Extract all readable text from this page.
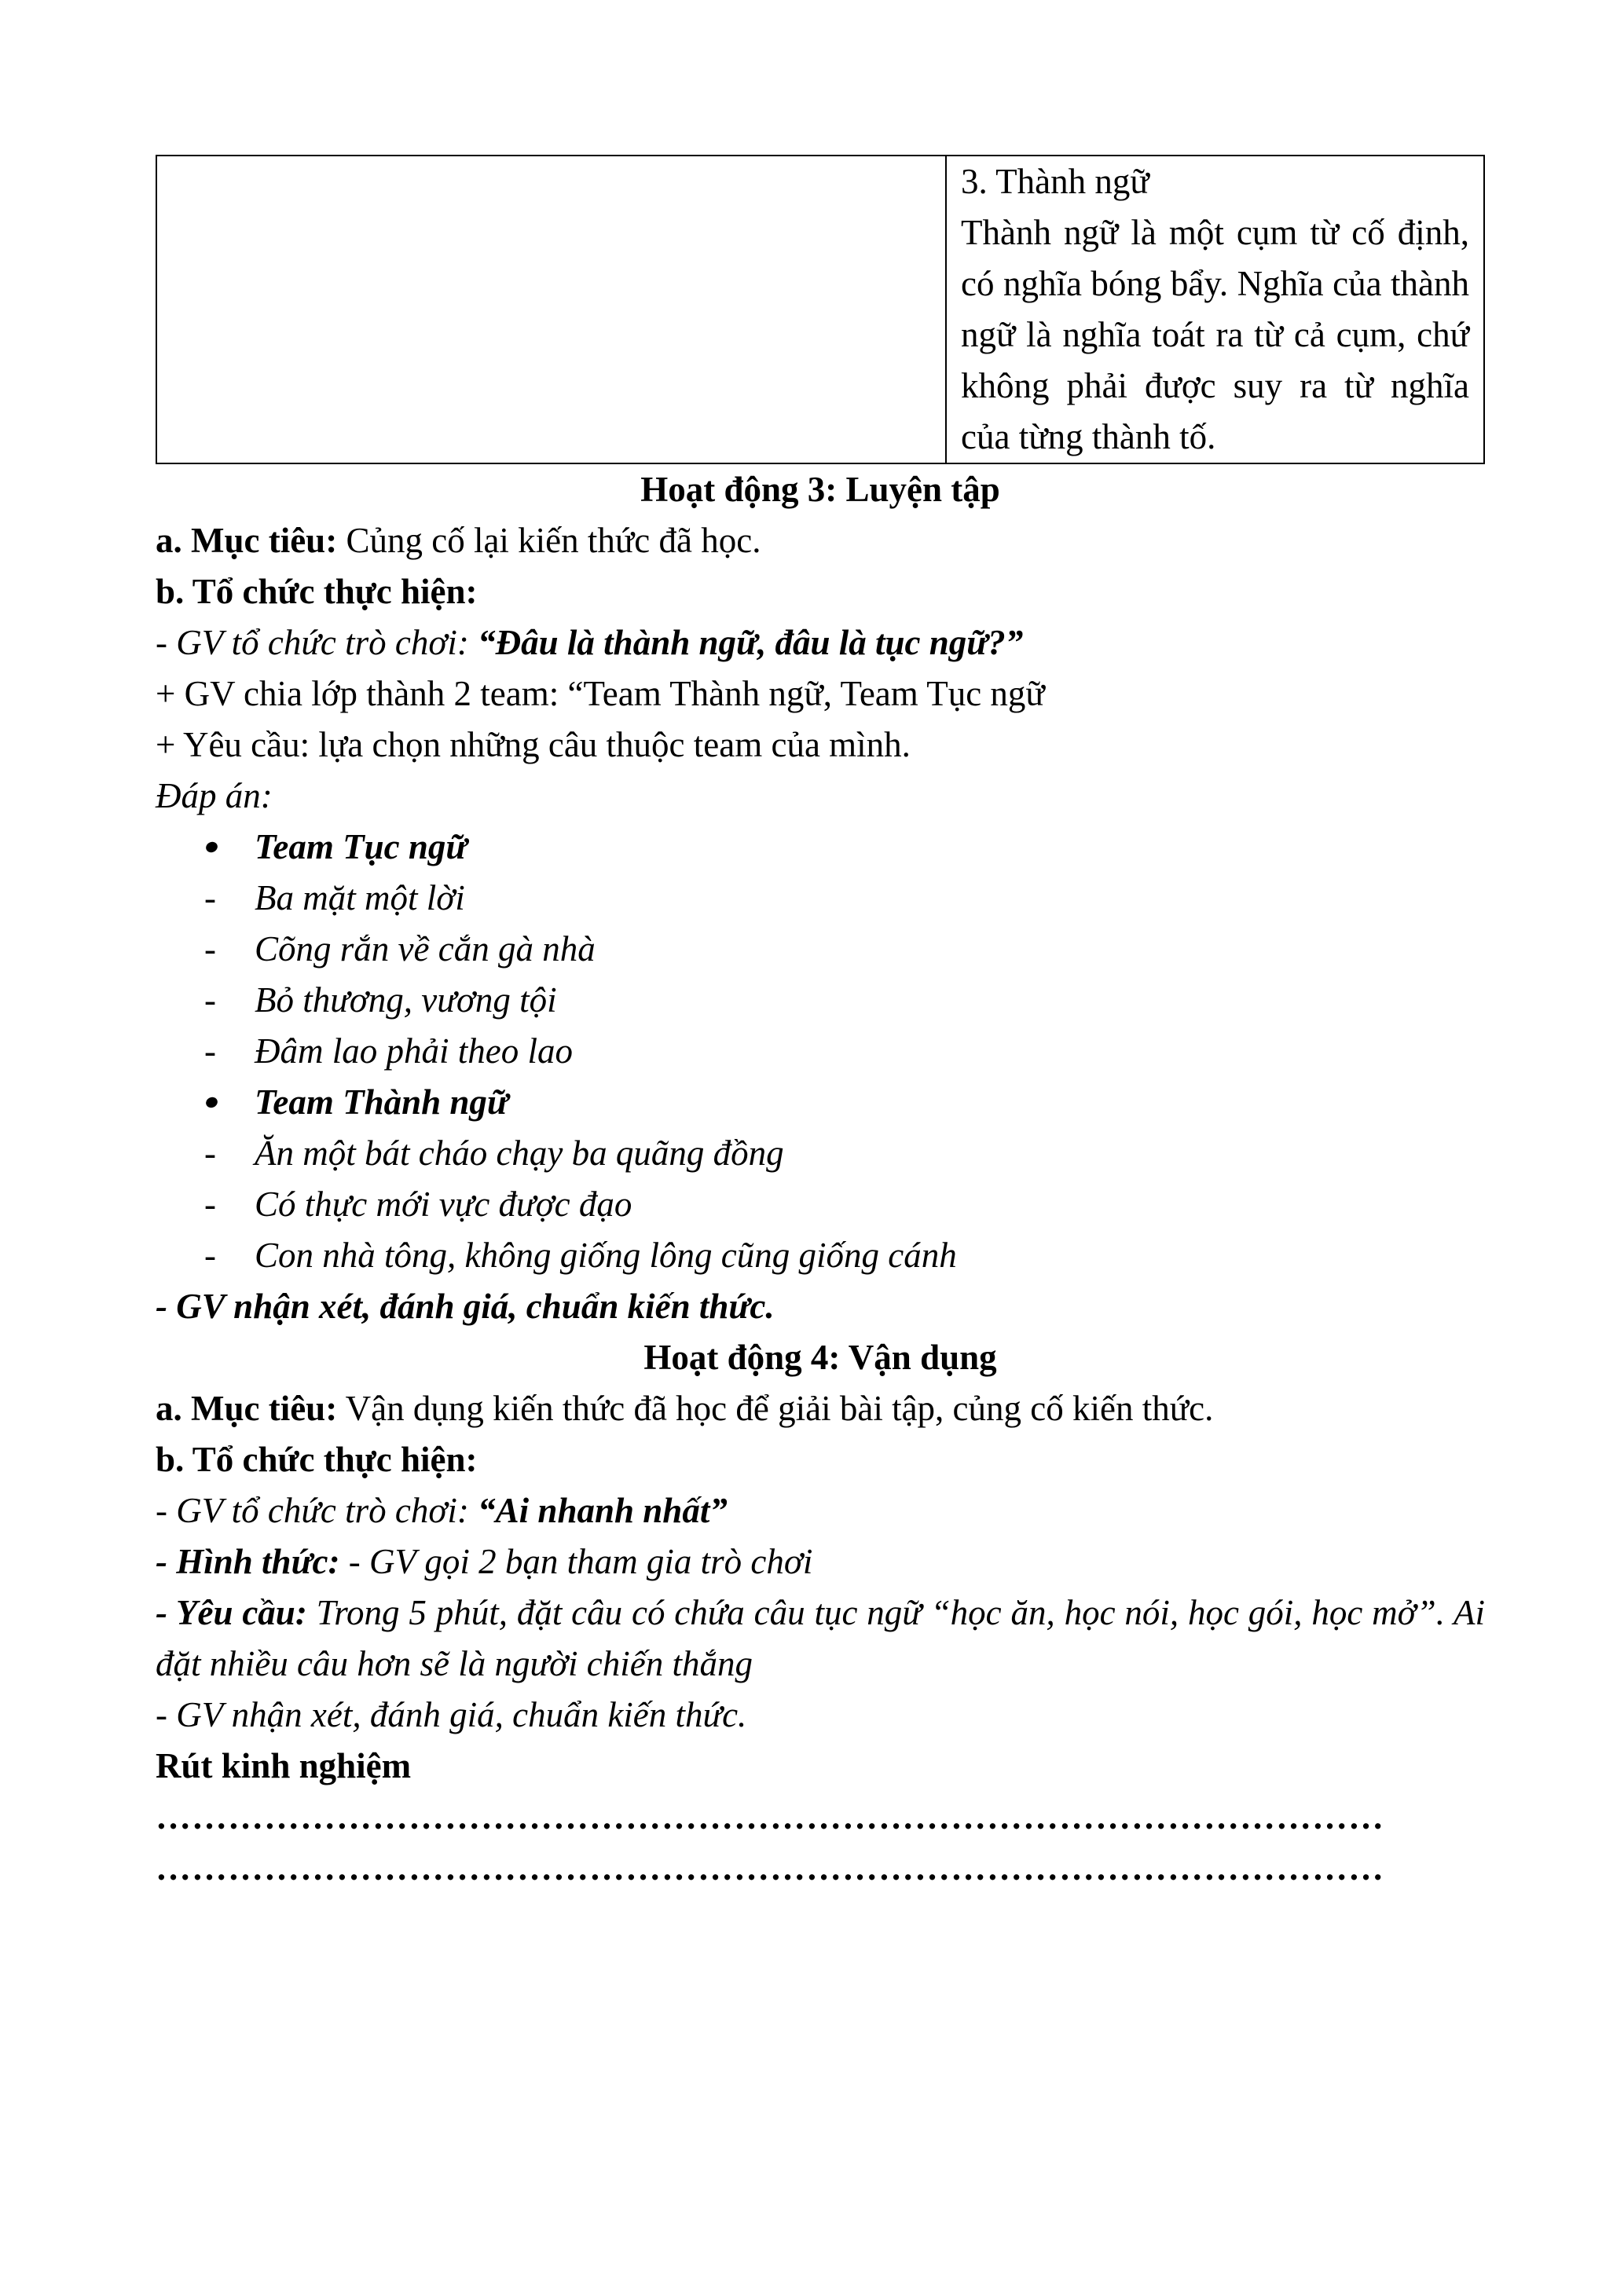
3. Thành ngữ
Thành ngữ là một cụm từ cố định, có nghĩa bóng bẩy. Nghĩa của thành ngữ là nghĩa toát ra từ cả cụm, chứ không phải được suy ra từ nghĩa của từng thành tố.
Hoạt động 3: Luyện tập
a. Mục tiêu: Củng cố lại kiến thức đã học.
b. Tổ chức thực hiện:
- GV tổ chức trò chơi: “Đâu là thành ngữ, đâu là tục ngữ?”
+ GV chia lớp thành 2 team: “Team Thành ngữ, Team Tục ngữ
+ Yêu cầu: lựa chọn những câu thuộc team của mình.
Đáp án:
Team Tục ngữ
- Ba mặt một lời
- Cõng rắn về cắn gà nhà
- Bỏ thương, vương tội
- Đâm lao phải theo lao
Team Thành ngữ
- Ăn một bát cháo chạy ba quãng đồng
- Có thực mới vực được đạo
- Con nhà tông, không giống lông cũng giống cánh
- GV nhận xét, đánh giá, chuẩn kiến thức.
Hoạt động 4: Vận dụng
a. Mục tiêu: Vận dụng kiến thức đã học để giải bài tập, củng cố kiến thức.
b. Tổ chức thực hiện:
- GV tổ chức trò chơi: “Ai nhanh nhất”
- Hình thức: - GV gọi 2 bạn tham gia trò chơi
- Yêu cầu: Trong 5 phút, đặt câu có chứa câu tục ngữ “học ăn, học nói, học gói, học mở”. Ai đặt nhiều câu hơn sẽ là người chiến thắng
- GV nhận xét, đánh giá, chuẩn kiến thức.
Rút kinh nghiệm
…………………………………………………………………………………………
…………………………………………………………………………………………
